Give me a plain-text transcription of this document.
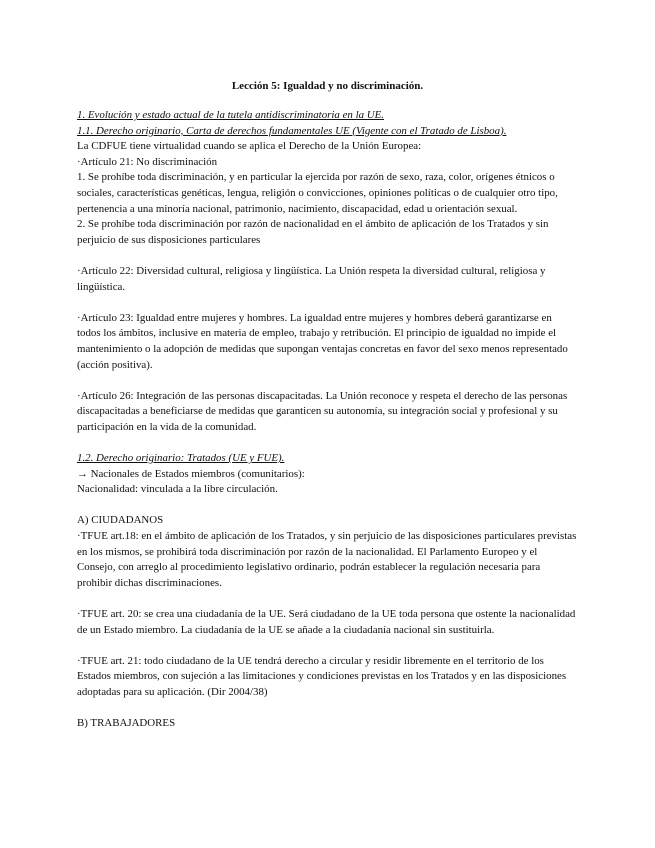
Lección 5: Igualdad y no discriminación.
1. Evolución y estado actual de la tutela antidiscriminatoria en la UE.
1.1. Derecho originario, Carta de derechos fundamentales UE (Vigente con el Tratado de Lisboa).
La CDFUE tiene virtualidad cuando se aplica el Derecho de la Unión Europea:
·Artículo 21: No discriminación
1. Se prohíbe toda discriminación, y en particular la ejercida por razón de sexo, raza, color, orígenes étnicos o sociales, características genéticas, lengua, religión o convicciones, opiniones políticas o de cualquier otro tipo, pertenencia a una minoría nacional, patrimonio, nacimiento, discapacidad, edad u orientación sexual.
2. Se prohíbe toda discriminación por razón de nacionalidad en el ámbito de aplicación de los Tratados y sin perjuicio de sus disposiciones particulares
·Artículo 22: Diversidad cultural, religiosa y lingüística. La Unión respeta la diversidad cultural, religiosa y lingüística.
·Artículo 23: Igualdad entre mujeres y hombres. La igualdad entre mujeres y hombres deberá garantizarse en todos los ámbitos, inclusive en materia de empleo, trabajo y retribución. El principio de igualdad no impide el mantenimiento o la adopción de medidas que supongan ventajas concretas en favor del sexo menos representado (acción positiva).
·Artículo 26: Integración de las personas discapacitadas. La Unión reconoce y respeta el derecho de las personas discapacitadas a beneficiarse de medidas que garanticen su autonomía, su integración social y profesional y su participación en la vida de la comunidad.
1.2. Derecho originario: Tratados (UE y FUE).
→ Nacionales de Estados miembros (comunitarios):
Nacionalidad: vinculada a la libre circulación.
A) CIUDADANOS
·TFUE art.18: en el ámbito de aplicación de los Tratados, y sin perjuicio de las disposiciones particulares previstas en los mismos, se prohibirá toda discriminación por razón de la nacionalidad. El Parlamento Europeo y el Consejo, con arreglo al procedimiento legislativo ordinario, podrán establecer la regulación necesaria para prohibir dichas discriminaciones.
·TFUE art. 20: se crea una ciudadanía de la UE. Será ciudadano de la UE toda persona que ostente la nacionalidad de un Estado miembro. La ciudadanía de la UE se añade a la ciudadanía nacional sin sustituirla.
·TFUE art. 21: todo ciudadano de la UE tendrá derecho a circular y residir libremente en el territorio de los Estados miembros, con sujeción a las limitaciones y condiciones previstas en los Tratados y en las disposiciones adoptadas para su aplicación. (Dir 2004/38)
B) TRABAJADORES
